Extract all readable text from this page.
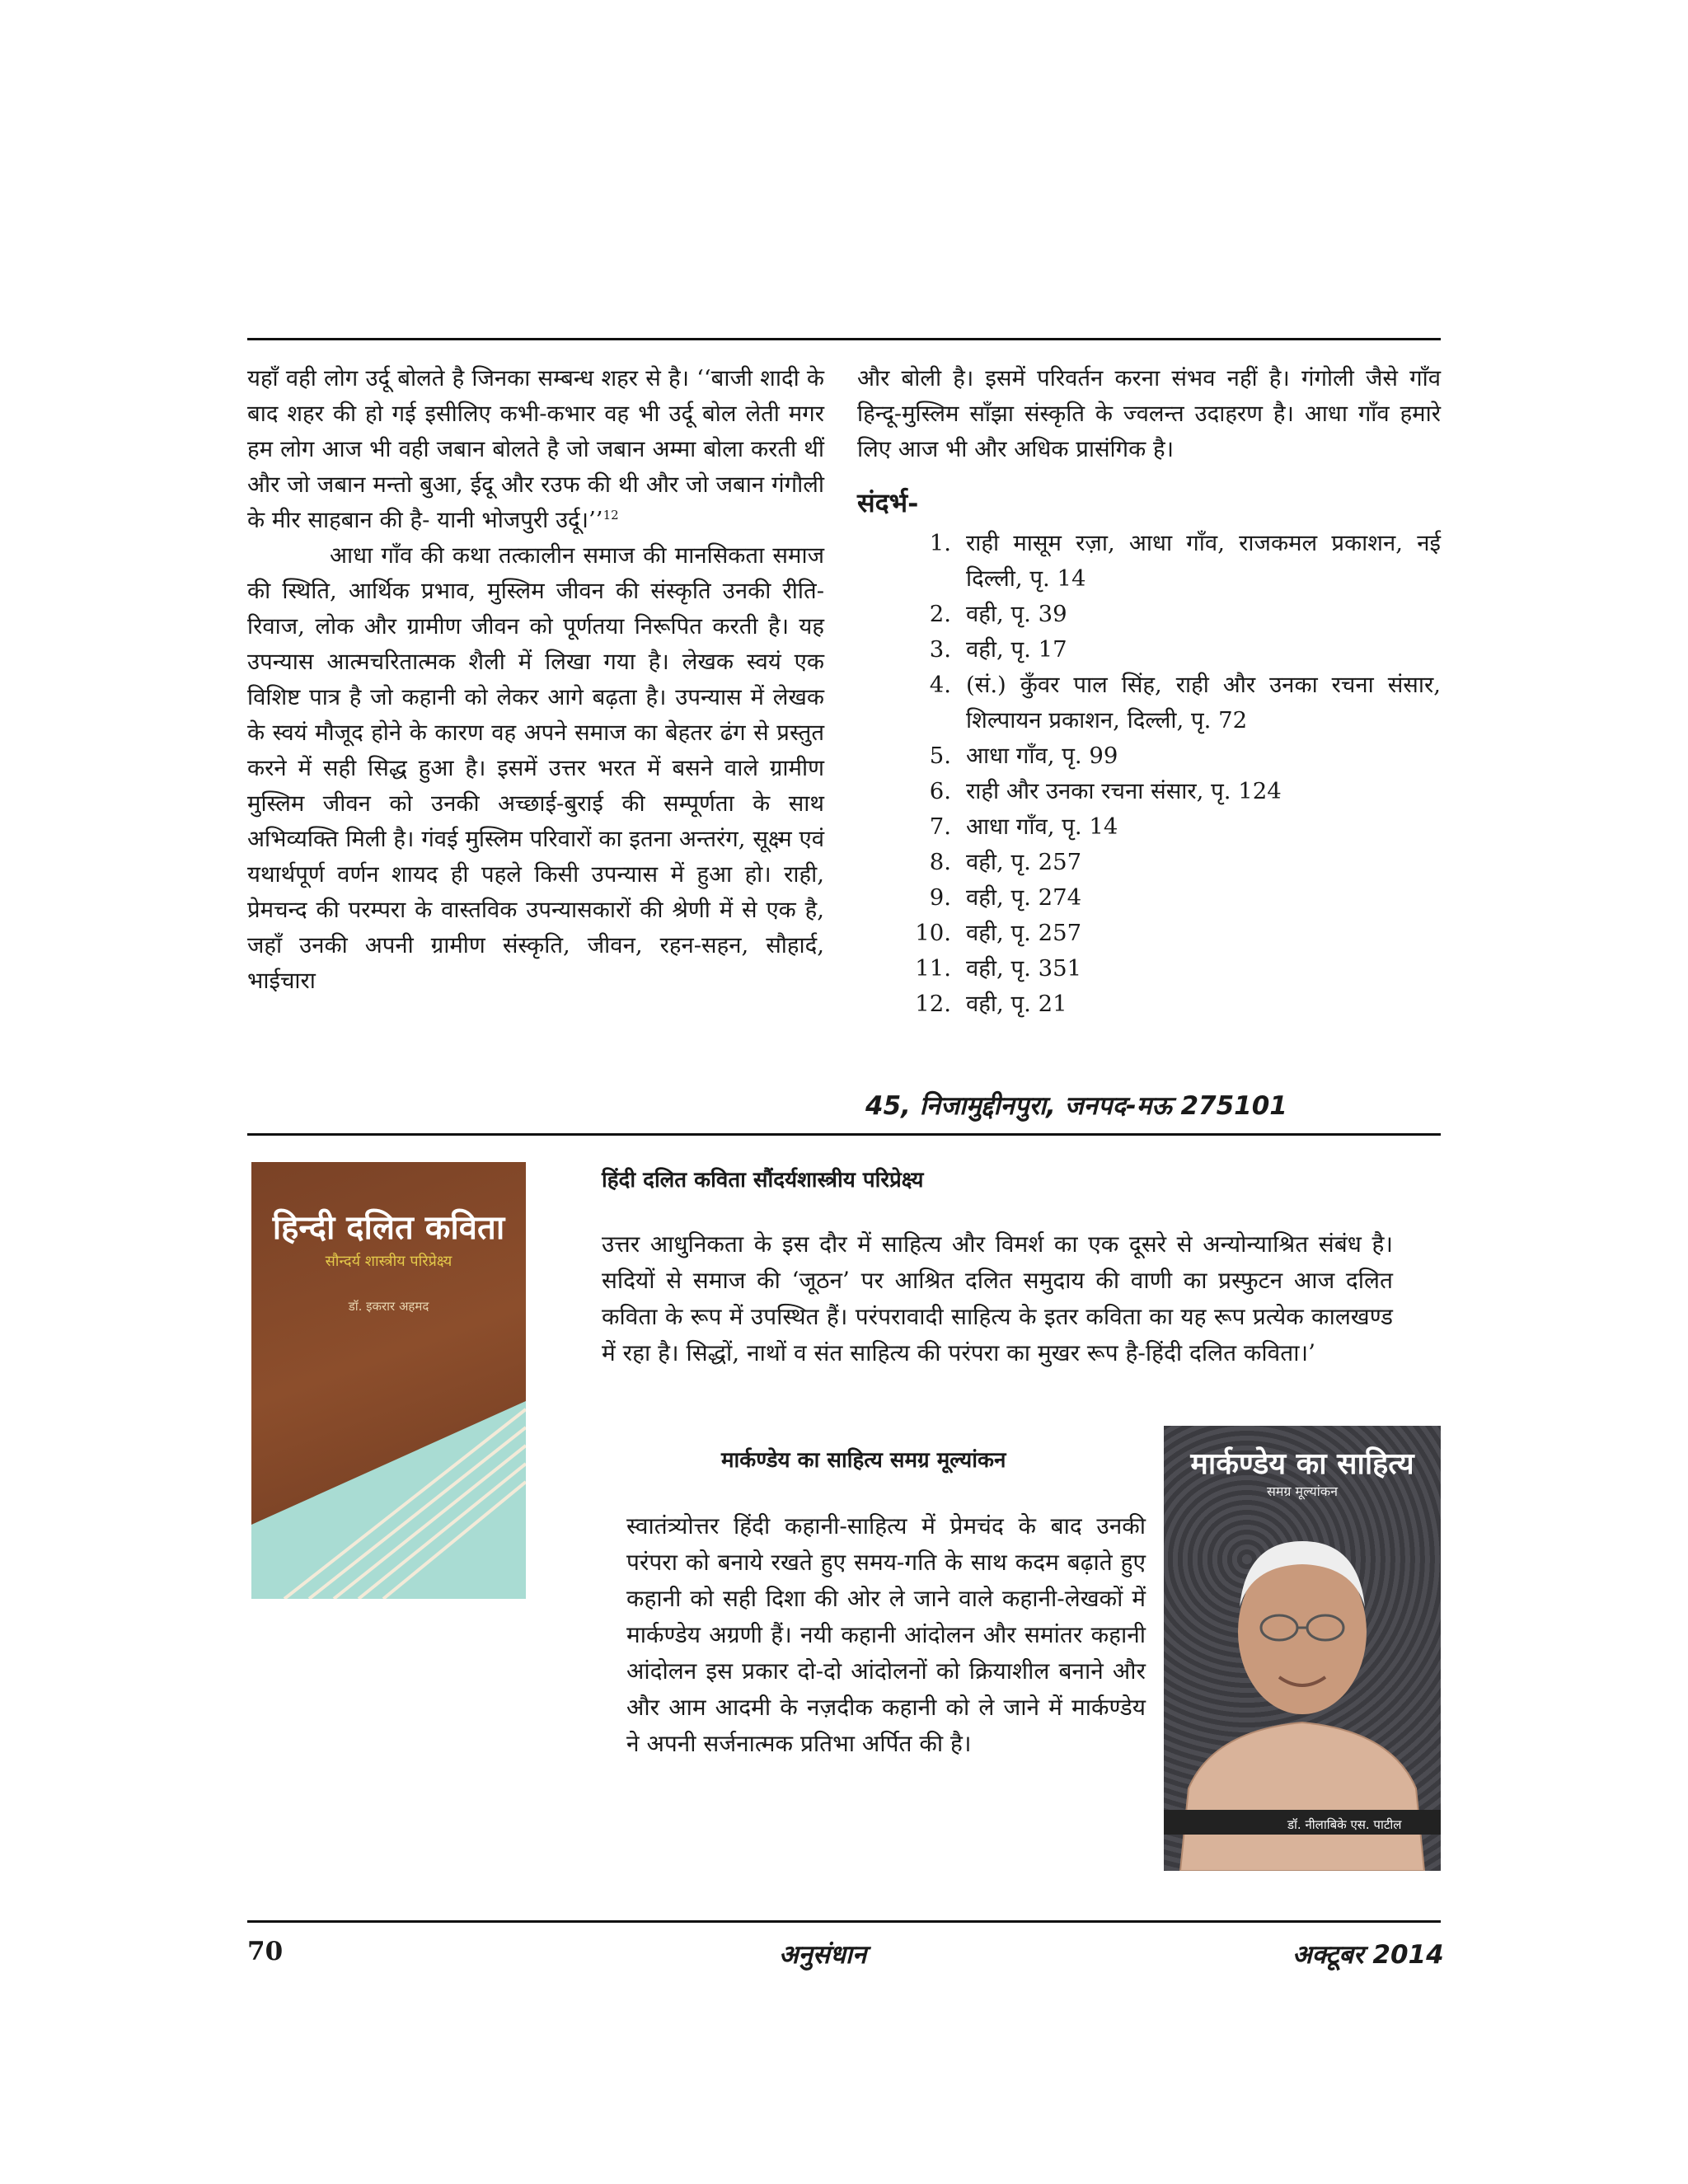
यहाँ वही लोग उर्दू बोलते है जिनका सम्बन्ध शहर से है। ‘‘बाजी शादी के बाद शहर की हो गई इसीलिए कभी-कभार वह भी उर्दू बोल लेती मगर हम लोग आज भी वही जबान बोलते है जो जबान अम्मा बोला करती थीं और जो जबान मन्तो बुआ, ईदू और रउफ की थी और जो जबान गंगौली के मीर साहबान की है- यानी भोजपुरी उर्दू।’’$^{12}$

आधा गाँव की कथा तत्कालीन समाज की मानसिकता समाज की स्थिति, आर्थिक प्रभाव, मुस्लिम जीवन की संस्कृति उनकी रीति-रिवाज, लोक और ग्रामीण जीवन को पूर्णतया निरूपित करती है। यह उपन्यास आत्मचरितात्मक शैली में लिखा गया है। लेखक स्वयं एक विशिष्ट पात्र है जो कहानी को लेकर आगे बढ़ता है। उपन्यास में लेखक के स्वयं मौजूद होने के कारण वह अपने समाज का बेहतर ढंग से प्रस्तुत करने में सही सिद्ध हुआ है। इसमें उत्तर भरत में बसने वाले ग्रामीण मुस्लिम जीवन को उनकी अच्छाई-बुराई की सम्पूर्णता के साथ अभिव्यक्ति मिली है। गंवई मुस्लिम परिवारों का इतना अन्तरंग, सूक्ष्म एवं यथार्थपूर्ण वर्णन शायद ही पहले किसी उपन्यास में हुआ हो। राही, प्रेमचन्द की परम्परा के वास्तविक उपन्यासकारों की श्रेणी में से एक है, जहाँ उनकी अपनी ग्रामीण संस्कृति, जीवन, रहन-सहन, सौहार्द, भाईचारा

और बोली है। इसमें परिवर्तन करना संभव नहीं है। गंगोली जैसे गाँव हिन्दू-मुस्लिम साँझा संस्कृति के ज्वलन्त उदाहरण है। आधा गाँव हमारे लिए आज भी और अधिक प्रासंगिक है।

संदर्भ-
1. राही मासूम रज़ा, आधा गाँव, राजकमल प्रकाशन, नई दिल्ली, पृ. 14
2. वही, पृ. 39
3. वही, पृ. 17
4. (सं.) कुँवर पाल सिंह, राही और उनका रचना संसार, शिल्पायन प्रकाशन, दिल्ली, पृ. 72
5. आधा गाँव, पृ. 99
6. राही और उनका रचना संसार, पृ. 124
7. आधा गाँव, पृ. 14
8. वही, पृ. 257
9. वही, पृ. 274
10. वही, पृ. 257
11. वही, पृ. 351
12. वही, पृ. 21
45, निजामुद्दीनपुरा, जनपद-मऊ 275101
हिन्दी दलित कविता
सौन्दर्य शास्त्रीय परिप्रेक्ष्य
डॉ. इकरार अहमद
हिंदी दलित कविता सौंदर्यशास्त्रीय परिप्रेक्ष्य
उत्तर आधुनिकता के इस दौर में साहित्य और विमर्श का एक दूसरे से अन्योन्याश्रित संबंध है। सदियों से समाज की ‘जूठन’ पर आश्रित दलित समुदाय की वाणी का प्रस्फुटन आज दलित कविता के रूप में उपस्थित हैं। परंपरावादी साहित्य के इतर कविता का यह रूप प्रत्येक कालखण्ड में रहा है। सिद्धों, नाथों व संत साहित्य की परंपरा का मुखर रूप है-हिंदी दलित कविता।’
मार्कण्डेय का साहित्य समग्र मूल्यांकन
स्वातंत्र्योत्तर हिंदी कहानी-साहित्य में प्रेमचंद के बाद उनकी परंपरा को बनाये रखते हुए समय-गति के साथ कदम बढ़ाते हुए कहानी को सही दिशा की ओर ले जाने वाले कहानी-लेखकों में मार्कण्डेय अग्रणी हैं। नयी कहानी आंदोलन और समांतर कहानी आंदोलन इस प्रकार दो-दो आंदोलनों को क्रियाशील बनाने और और आम आदमी के नज़दीक कहानी को ले जाने में मार्कण्डेय ने अपनी सर्जनात्मक प्रतिभा अर्पित की है।
मार्कण्डेय का साहित्य
समग्र मूल्यांकन
डॉ. नीलाबिके एस. पाटील
70	अनुसंधान	अक्टूबर 2014
